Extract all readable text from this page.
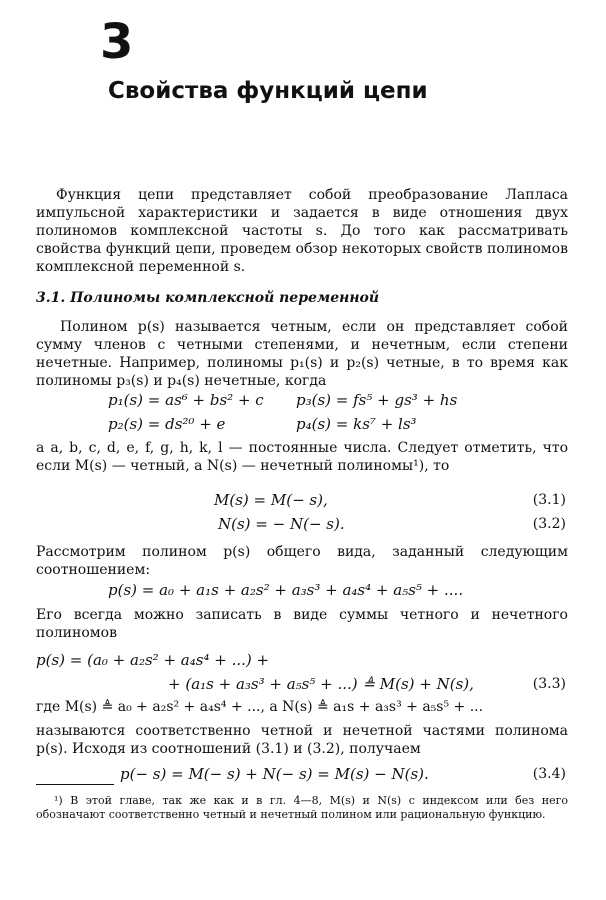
3
Свойства функций цепи
Функция цепи представляет собой преобразование Лапласа импульсной характеристики и задается в виде отношения двух полиномов комплексной частоты s. До того как рассматривать свойства функций цепи, проведем обзор некоторых свойств полиномов комплексной переменной s.
3.1. Полиномы комплексной переменной
Полином p(s) называется четным, если он представляет собой сумму членов с четными степенями, и нечетным, если степени нечетные. Например, полиномы p₁(s) и p₂(s) четные, в то время как полиномы p₃(s) и p₄(s) нечетные, когда
p₁(s) = as⁶ + bs² + c p₃(s) = fs⁵ + gs³ + hs
p₂(s) = ds²⁰ + e	p₄(s) = ks⁷ + ls³
а a, b, c, d, e, f, g, h, k, l — постоянные числа. Следует отметить, что если M(s) — четный, а N(s) — нечетный полиномы¹), то
M(s) = M(− s),	(3.1)
N(s) = − N(− s).	(3.2)
Рассмотрим полином p(s) общего вида, заданный следующим соотношением:
p(s) = a₀ + a₁s + a₂s² + a₃s³ + a₄s⁴ + a₅s⁵ + ....
Его всегда можно записать в виде суммы четного и нечетного полиномов
p(s) = (a₀ + a₂s² + a₄s⁴ + ...) +
+ (a₁s + a₃s³ + a₅s⁵ + ...) ≜ M(s) + N(s),	(3.3)
где M(s) ≜ a₀ + a₂s² + a₄s⁴ + ..., а N(s) ≜ a₁s + a₃s³ + a₅s⁵ + ...
называются соответственно четной и нечетной частями полинома p(s). Исходя из соотношений (3.1) и (3.2), получаем
p(− s) = M(− s) + N(− s) = M(s) − N(s).	(3.4)
¹) В этой главе, так же как и в гл. 4—8, M(s) и N(s) с индексом или без него обозначают соответственно четный и нечетный полином или рациональную функцию.
